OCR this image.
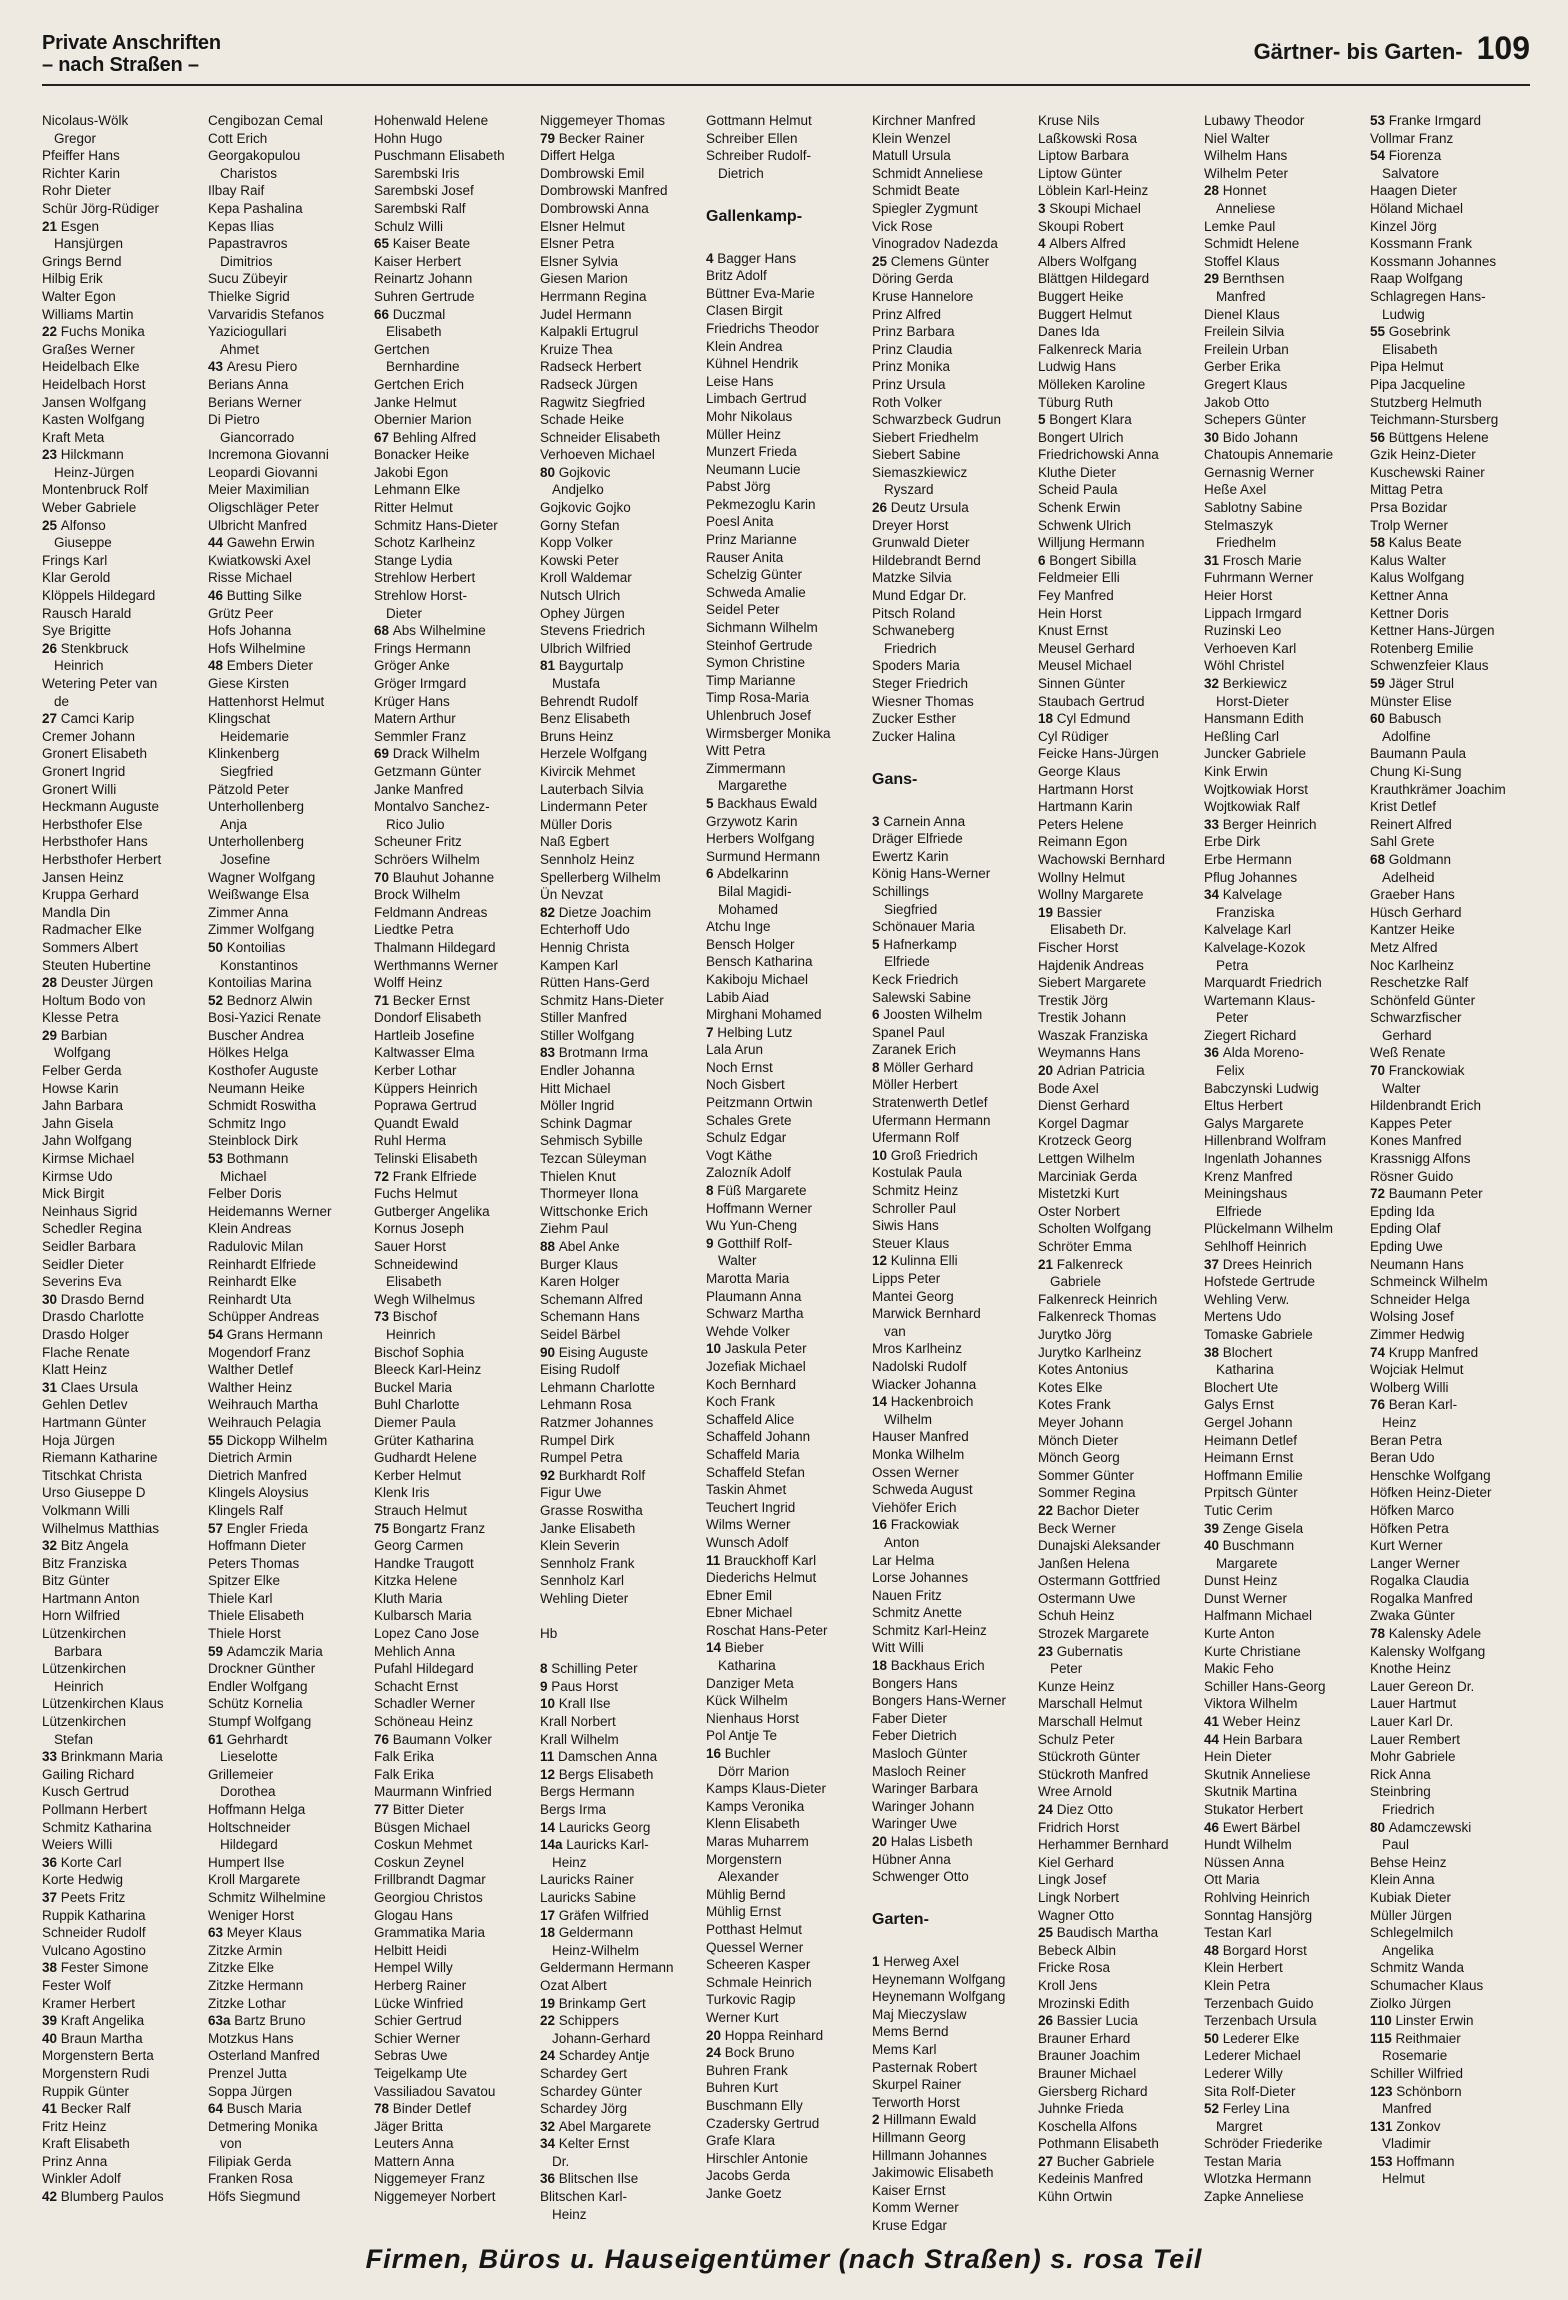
Private Anschriften
– nach Straßen –
Gärtner- bis Garten- 109
Nicolaus-Wölk
Gregor
Pfeiffer Hans
Richter Karin
Rohr Dieter
Schür Jörg-Rüdiger
21 Esgen
Hansjürgen
Grings Bernd
Hilbig Erik
Walter Egon
Williams Martin
22 Fuchs Monika
Graßes Werner
Heidelbach Elke
Heidelbach Horst
Jansen Wolfgang
Kasten Wolfgang
Kraft Meta
23 Hilckmann
Heinz-Jürgen
Montenbruck Rolf
Weber Gabriele
25 Alfonso
Giuseppe
Frings Karl
Klar Gerold
Klöppels Hildegard
Rausch Harald
Sye Brigitte
26 Stenkbruck
Heinrich
Wetering Peter van
de
27 Camci Karip
Cremer Johann
Gronert Elisabeth
Gronert Ingrid
Gronert Willi
Heckmann Auguste
Herbsthofer Else
Herbsthofer Hans
Herbsthofer Herbert
Jansen Heinz
Kruppa Gerhard
Mandla Din
Radmacher Elke
Sommers Albert
Steuten Hubertine
28 Deuster Jürgen
Holtum Bodo von
Klesse Petra
29 Barbian
Wolfgang
Felber Gerda
Howse Karin
Jahn Barbara
Jahn Gisela
Jahn Wolfgang
Kirmse Michael
Kirmse Udo
Mick Birgit
Neinhaus Sigrid
Schedler Regina
Seidler Barbara
Seidler Dieter
Severins Eva
30 Drasdo Bernd
Drasdo Charlotte
Drasdo Holger
Flache Renate
Klatt Heinz
31 Claes Ursula
Gehlen Detlev
Hartmann Günter
Hoja Jürgen
Riemann Katharine
Titschkat Christa
Urso Giuseppe D
Volkmann Willi
Wilhelmus Matthias
32 Bitz Angela
Bitz Franziska
Bitz Günter
Hartmann Anton
Horn Wilfried
Lützenkirchen
Barbara
Lützenkirchen
Heinrich
Lützenkirchen Klaus
Lützenkirchen
Stefan
33 Brinkmann Maria
Gailing Richard
Kusch Gertrud
Pollmann Herbert
Schmitz Katharina
Weiers Willi
36 Korte Carl
Korte Hedwig
37 Peets Fritz
Ruppik Katharina
Schneider Rudolf
Vulcano Agostino
38 Fester Simone
Fester Wolf
Kramer Herbert
39 Kraft Angelika
40 Braun Martha
Morgenstern Berta
Morgenstern Rudi
Ruppik Günter
41 Becker Ralf
Fritz Heinz
Kraft Elisabeth
Prinz Anna
Winkler Adolf
42 Blumberg Paulos
Cengibozan Cemal
Cott Erich
Georgakopulou
Charistos
Ilbay Raif
Kepa Pashalina
Kepas Ilias
Papastravros
Dimitrios
Sucu Zübeyir
Thielke Sigrid
Varvaridis Stefanos
Yaziciogullari
Ahmet
43 Aresu Piero
Berians Anna
Berians Werner
Di Pietro
Giancorrado
Incremona Giovanni
Leopardi Giovanni
Meier Maximilian
Oligschläger Peter
Ulbricht Manfred
44 Gawehn Erwin
Kwiatkowski Axel
Risse Michael
46 Butting Silke
Grütz Peer
Hofs Johanna
Hofs Wilhelmine
48 Embers Dieter
Giese Kirsten
Hattenhorst Helmut
Klingschat
Heidemarie
Klinkenberg
Siegfried
Pätzold Peter
Unterhollenberg
Anja
Unterhollenberg
Josefine
Wagner Wolfgang
Weißwange Elsa
Zimmer Anna
Zimmer Wolfgang
50 Kontoilias
Konstantinos
Kontoilias Marina
52 Bednorz Alwin
Bosi-Yazici Renate
Buscher Andrea
Hölkes Helga
Kosthofer Auguste
Neumann Heike
Schmidt Roswitha
Schmitz Ingo
Steinblock Dirk
53 Bothmann
Michael
Felber Doris
Heidemanns Werner
Klein Andreas
Radulovic Milan
Reinhardt Elfriede
Reinhardt Elke
Reinhardt Uta
Schüpper Andreas
54 Grans Hermann
Mogendorf Franz
Walther Detlef
Walther Heinz
Weihrauch Martha
Weihrauch Pelagia
55 Dickopp Wilhelm
Dietrich Armin
Dietrich Manfred
Klingels Aloysius
Klingels Ralf
57 Engler Frieda
Hoffmann Dieter
Peters Thomas
Spitzer Elke
Thiele Karl
Thiele Elisabeth
Thiele Horst
59 Adamczik Maria
Drockner Günther
Endler Wolfgang
Schütz Kornelia
Stumpf Wolfgang
61 Gehrhardt
Lieselotte
Grillemeier
Dorothea
Hoffmann Helga
Holtschneider
Hildegard
Humpert Ilse
Kroll Margarete
Schmitz Wilhelmine
Weniger Horst
63 Meyer Klaus
Zitzke Armin
Zitzke Elke
Zitzke Hermann
Zitzke Lothar
63a Bartz Bruno
Motzkus Hans
Osterland Manfred
Prenzel Jutta
Soppa Jürgen
64 Busch Maria
Detmering Monika
von
Filipiak Gerda
Franken Rosa
Höfs Siegmund
Hohenwald Helene
Hohn Hugo
Puschmann Elisabeth
Sarembski Iris
Sarembski Josef
Sarembski Ralf
Schulz Willi
65 Kaiser Beate
Kaiser Herbert
Reinartz Johann
Suhren Gertrude
66 Duczmal
Elisabeth
Gertchen
Bernhardine
Gertchen Erich
Janke Helmut
Obernier Marion
67 Behling Alfred
Bonacker Heike
Jakobi Egon
Lehmann Elke
Ritter Helmut
Schmitz Hans-Dieter
Schotz Karlheinz
Stange Lydia
Strehlow Herbert
Strehlow Horst-
Dieter
68 Abs Wilhelmine
Frings Hermann
Gröger Anke
Gröger Irmgard
Krüger Hans
Matern Arthur
Semmler Franz
69 Drack Wilhelm
Getzmann Günter
Janke Manfred
Montalvo Sanchez-
Rico Julio
Scheuner Fritz
Schröers Wilhelm
70 Blauhut Johanne
Brock Wilhelm
Feldmann Andreas
Liedtke Petra
Thalmann Hildegard
Werthmanns Werner
Wolff Heinz
71 Becker Ernst
Dondorf Elisabeth
Hartleib Josefine
Kaltwasser Elma
Kerber Lothar
Küppers Heinrich
Poprawa Gertrud
Quandt Ewald
Ruhl Herma
Telinski Elisabeth
72 Frank Elfriede
Fuchs Helmut
Gutberger Angelika
Kornus Joseph
Sauer Horst
Schneidewind
Elisabeth
Wegh Wilhelmus
73 Bischof
Heinrich
Bischof Sophia
Bleeck Karl-Heinz
Buckel Maria
Buhl Charlotte
Diemer Paula
Grüter Katharina
Gudhardt Helene
Kerber Helmut
Klenk Iris
Strauch Helmut
75 Bongartz Franz
Georg Carmen
Handke Traugott
Kitzka Helene
Kluth Maria
Kulbarsch Maria
Lopez Cano Jose
Mehlich Anna
Pufahl Hildegard
Schacht Ernst
Schadler Werner
Schöneau Heinz
76 Baumann Volker
Falk Erika
Falk Erika
Maurmann Winfried
77 Bitter Dieter
Büsgen Michael
Coskun Mehmet
Coskun Zeynel
Frillbrandt Dagmar
Georgiou Christos
Glogau Hans
Grammatika Maria
Helbitt Heidi
Hempel Willy
Herberg Rainer
Lücke Winfried
Schier Gertrud
Schier Werner
Sebras Uwe
Teigelkamp Ute
Vassiliadou Savatou
78 Binder Detlef
Jäger Britta
Leuters Anna
Mattern Anna
Niggemeyer Franz
Niggemeyer Norbert
Niggemeyer Thomas
79 Becker Rainer
Differt Helga
Dombrowski Emil
Dombrowski Manfred
Dombrowski Anna
Elsner Helmut
Elsner Petra
Elsner Sylvia
Giesen Marion
Herrmann Regina
Judel Hermann
Kalpakli Ertugrul
Kruize Thea
Radseck Herbert
Radseck Jürgen
Ragwitz Siegfried
Schade Heike
Schneider Elisabeth
Verhoeven Michael
80 Gojkovic
Andjelko
Gojkovic Gojko
Gorny Stefan
Kopp Volker
Kowski Peter
Kroll Waldemar
Nutsch Ulrich
Ophey Jürgen
Stevens Friedrich
Ulbrich Wilfried
81 Baygurtalp
Mustafa
Behrendt Rudolf
Benz Elisabeth
Bruns Heinz
Herzele Wolfgang
Kivircik Mehmet
Lauterbach Silvia
Lindermann Peter
Müller Doris
Naß Egbert
Sennholz Heinz
Spellerberg Wilhelm
Ün Nevzat
82 Dietze Joachim
Echterhoff Udo
Hennig Christa
Kampen Karl
Rütten Hans-Gerd
Schmitz Hans-Dieter
Stiller Manfred
Stiller Wolfgang
83 Brotmann Irma
Endler Johanna
Hitt Michael
Möller Ingrid
Schink Dagmar
Sehmisch Sybille
Tezcan Süleyman
Thielen Knut
Thormeyer Ilona
Wittschonke Erich
Ziehm Paul
88 Abel Anke
Burger Klaus
Karen Holger
Schemann Alfred
Schemann Hans
Seidel Bärbel
90 Eising Auguste
Eising Rudolf
Lehmann Charlotte
Lehmann Rosa
Ratzmer Johannes
Rumpel Dirk
Rumpel Petra
92 Burkhardt Rolf
Figur Uwe
Grasse Roswitha
Janke Elisabeth
Klein Severin
Sennholz Frank
Sennholz Karl
Wehling Dieter
Hb
8 Schilling Peter
9 Paus Horst
10 Krall Ilse
Krall Norbert
Krall Wilhelm
11 Damschen Anna
12 Bergs Elisabeth
Bergs Hermann
Bergs Irma
14 Lauricks Georg
14a Lauricks Karl-
Heinz
Lauricks Rainer
Lauricks Sabine
17 Gräfen Wilfried
18 Geldermann
Heinz-Wilhelm
Geldermann Hermann
Ozat Albert
19 Brinkamp Gert
22 Schippers
Johann-Gerhard
24 Schardey Antje
Schardey Gert
Schardey Günter
Schardey Jörg
32 Abel Margarete
34 Kelter Ernst
Dr.
36 Blitschen Ilse
Blitschen Karl-
Heinz
Gottmann Helmut
Schreiber Ellen
Schreiber Rudolf-
Dietrich
Gallenkamp-
4 Bagger Hans
Britz Adolf
Büttner Eva-Marie
Clasen Birgit
Friedrichs Theodor
Klein Andrea
Kühnel Hendrik
Leise Hans
Limbach Gertrud
Mohr Nikolaus
Müller Heinz
Munzert Frieda
Neumann Lucie
Pabst Jörg
Pekmezoglu Karin
Poesl Anita
Prinz Marianne
Rauser Anita
Schelzig Günter
Schweda Amalie
Seidel Peter
Sichmann Wilhelm
Steinhof Gertrude
Symon Christine
Timp Marianne
Timp Rosa-Maria
Uhlenbruch Josef
Wirmsberger Monika
Witt Petra
Zimmermann
Margarethe
5 Backhaus Ewald
Grzywotz Karin
Herbers Wolfgang
Surmund Hermann
6 Abdelkarinn
Bilal Magidi-
Mohamed
Atchu Inge
Bensch Holger
Bensch Katharina
Kakiboju Michael
Labib Aiad
Mirghani Mohamed
7 Helbing Lutz
Lala Arun
Noch Ernst
Noch Gisbert
Peitzmann Ortwin
Schales Grete
Schulz Edgar
Vogt Käthe
Zalozník Adolf
8 Füß Margarete
Hoffmann Werner
Wu Yun-Cheng
9 Gotthilf Rolf-
Walter
Marotta Maria
Plaumann Anna
Schwarz Martha
Wehde Volker
10 Jaskula Peter
Jozefiak Michael
Koch Bernhard
Koch Frank
Schaffeld Alice
Schaffeld Johann
Schaffeld Maria
Schaffeld Stefan
Taskin Ahmet
Teuchert Ingrid
Wilms Werner
Wunsch Adolf
11 Brauckhoff Karl
Diederichs Helmut
Ebner Emil
Ebner Michael
Roschat Hans-Peter
14 Bieber
Katharina
Danziger Meta
Kück Wilhelm
Nienhaus Horst
Pol Antje Te
16 Buchler
Dörr Marion
Kamps Klaus-Dieter
Kamps Veronika
Klenn Elisabeth
Maras Muharrem
Morgenstern
Alexander
Mühlig Bernd
Mühlig Ernst
Potthast Helmut
Quessel Werner
Scheeren Kasper
Schmale Heinrich
Turkovic Ragip
Werner Kurt
20 Hoppa Reinhard
24 Bock Bruno
Buhren Frank
Buhren Kurt
Buschmann Elly
Czadersky Gertrud
Grafe Klara
Hirschler Antonie
Jacobs Gerda
Janke Goetz
Kirchner Manfred
Klein Wenzel
Matull Ursula
Schmidt Anneliese
Schmidt Beate
Spiegler Zygmunt
Vick Rose
Vinogradov Nadezda
25 Clemens Günter
Döring Gerda
Kruse Hannelore
Prinz Alfred
Prinz Barbara
Prinz Claudia
Prinz Monika
Prinz Ursula
Roth Volker
Schwarzbeck Gudrun
Siebert Friedhelm
Siebert Sabine
Siemaszkiewicz
Ryszard
26 Deutz Ursula
Dreyer Horst
Grunwald Dieter
Hildebrandt Bernd
Matzke Silvia
Mund Edgar Dr.
Pitsch Roland
Schwaneberg
Friedrich
Spoders Maria
Steger Friedrich
Wiesner Thomas
Zucker Esther
Zucker Halina
Gans-
3 Carnein Anna
Dräger Elfriede
Ewertz Karin
König Hans-Werner
Schillings
Siegfried
Schönauer Maria
5 Hafnerkamp
Elfriede
Keck Friedrich
Salewski Sabine
6 Joosten Wilhelm
Spanel Paul
Zaranek Erich
8 Möller Gerhard
Möller Herbert
Stratenwerth Detlef
Ufermann Hermann
Ufermann Rolf
10 Groß Friedrich
Kostulak Paula
Schmitz Heinz
Schroller Paul
Siwis Hans
Steuer Klaus
12 Kulinna Elli
Lipps Peter
Mantei Georg
Marwick Bernhard
van
Mros Karlheinz
Nadolski Rudolf
Wiacker Johanna
14 Hackenbroich
Wilhelm
Hauser Manfred
Monka Wilhelm
Ossen Werner
Schweda August
Viehöfer Erich
16 Frackowiak
Anton
Lar Helma
Lorse Johannes
Nauen Fritz
Schmitz Anette
Schmitz Karl-Heinz
Witt Willi
18 Backhaus Erich
Bongers Hans
Bongers Hans-Werner
Faber Dieter
Feber Dietrich
Masloch Günter
Masloch Reiner
Waringer Barbara
Waringer Johann
Waringer Uwe
20 Halas Lisbeth
Hübner Anna
Schwenger Otto
Garten-
1 Herweg Axel
Heynemann Wolfgang
Heynemann Wolfgang
Maj Mieczyslaw
Mems Bernd
Mems Karl
Pasternak Robert
Skurpel Rainer
Terworth Horst
2 Hillmann Ewald
Hillmann Georg
Hillmann Johannes
Jakimowic Elisabeth
Kaiser Ernst
Komm Werner
Kruse Edgar
Kruse Nils
Laßkowski Rosa
Liptow Barbara
Liptow Günter
Löblein Karl-Heinz
3 Skoupi Michael
Skoupi Robert
4 Albers Alfred
Albers Wolfgang
Blättgen Hildegard
Buggert Heike
Buggert Helmut
Danes Ida
Falkenreck Maria
Ludwig Hans
Mölleken Karoline
Tüburg Ruth
5 Bongert Klara
Bongert Ulrich
Friedrichowski Anna
Kluthe Dieter
Scheid Paula
Schenk Erwin
Schwenk Ulrich
Willjung Hermann
6 Bongert Sibilla
Feldmeier Elli
Fey Manfred
Hein Horst
Knust Ernst
Meusel Gerhard
Meusel Michael
Sinnen Günter
Staubach Gertrud
18 Cyl Edmund
Cyl Rüdiger
Feicke Hans-Jürgen
George Klaus
Hartmann Horst
Hartmann Karin
Peters Helene
Reimann Egon
Wachowski Bernhard
Wollny Helmut
Wollny Margarete
19 Bassier
Elisabeth Dr.
Fischer Horst
Hajdenik Andreas
Siebert Margarete
Trestik Jörg
Trestik Johann
Waszak Franziska
Weymanns Hans
20 Adrian Patricia
Bode Axel
Dienst Gerhard
Korgel Dagmar
Krotzeck Georg
Lettgen Wilhelm
Marciniak Gerda
Mistetzki Kurt
Oster Norbert
Scholten Wolfgang
Schröter Emma
21 Falkenreck
Gabriele
Falkenreck Heinrich
Falkenreck Thomas
Jurytko Jörg
Jurytko Karlheinz
Kotes Antonius
Kotes Elke
Kotes Frank
Meyer Johann
Mönch Dieter
Mönch Georg
Sommer Günter
Sommer Regina
22 Bachor Dieter
Beck Werner
Dunajski Aleksander
Janßen Helena
Ostermann Gottfried
Ostermann Uwe
Schuh Heinz
Strozek Margarete
23 Gubernatis
Peter
Kunze Heinz
Marschall Helmut
Marschall Helmut
Schulz Peter
Stückroth Günter
Stückroth Manfred
Wree Arnold
24 Diez Otto
Fridrich Horst
Herhammer Bernhard
Kiel Gerhard
Lingk Josef
Lingk Norbert
Wagner Otto
25 Baudisch Martha
Bebeck Albin
Fricke Rosa
Kroll Jens
Mrozinski Edith
26 Bassier Lucia
Brauner Erhard
Brauner Joachim
Brauner Michael
Giersberg Richard
Juhnke Frieda
Koschella Alfons
Pothmann Elisabeth
27 Bucher Gabriele
Kedeinis Manfred
Kühn Ortwin
Lubawy Theodor
Niel Walter
Wilhelm Hans
Wilhelm Peter
28 Honnet
Anneliese
Lemke Paul
Schmidt Helene
Stoffel Klaus
29 Bernthsen
Manfred
Dienel Klaus
Freilein Silvia
Freilein Urban
Gerber Erika
Gregert Klaus
Jakob Otto
Schepers Günter
30 Bido Johann
Chatoupis Annemarie
Gernasnig Werner
Heße Axel
Sablotny Sabine
Stelmaszyk
Friedhelm
31 Frosch Marie
Fuhrmann Werner
Heier Horst
Lippach Irmgard
Ruzinski Leo
Verhoeven Karl
Wöhl Christel
32 Berkiewicz
Horst-Dieter
Hansmann Edith
Heßling Carl
Juncker Gabriele
Kink Erwin
Wojtkowiak Horst
Wojtkowiak Ralf
33 Berger Heinrich
Erbe Dirk
Erbe Hermann
Pflug Johannes
34 Kalvelage
Franziska
Kalvelage Karl
Kalvelage-Kozok
Petra
Marquardt Friedrich
Wartemann Klaus-
Peter
Ziegert Richard
36 Alda Moreno-
Felix
Babczynski Ludwig
Eltus Herbert
Galys Margarete
Hillenbrand Wolfram
Ingenlath Johannes
Krenz Manfred
Meiningshaus
Elfriede
Plückelmann Wilhelm
Sehlhoff Heinrich
37 Drees Heinrich
Hofstede Gertrude
Wehling Verw.
Mertens Udo
Tomaske Gabriele
38 Blochert
Katharina
Blochert Ute
Galys Ernst
Gergel Johann
Heimann Detlef
Heimann Ernst
Hoffmann Emilie
Prpitsch Günter
Tutic Cerim
39 Zenge Gisela
40 Buschmann
Margarete
Dunst Heinz
Dunst Werner
Halfmann Michael
Kurte Anton
Kurte Christiane
Makic Feho
Schiller Hans-Georg
Viktora Wilhelm
41 Weber Heinz
44 Hein Barbara
Hein Dieter
Skutnik Anneliese
Skutnik Martina
Stukator Herbert
46 Ewert Bärbel
Hundt Wilhelm
Nüssen Anna
Ott Maria
Rohlving Heinrich
Sonntag Hansjörg
Testan Karl
48 Borgard Horst
Klein Herbert
Klein Petra
Terzenbach Guido
Terzenbach Ursula
50 Lederer Elke
Lederer Michael
Lederer Willy
Sita Rolf-Dieter
52 Ferley Lina
Margret
Schröder Friederike
Testan Maria
Wlotzka Hermann
Zapke Anneliese
53 Franke Irmgard
Vollmar Franz
54 Fiorenza
Salvatore
Haagen Dieter
Höland Michael
Kinzel Jörg
Kossmann Frank
Kossmann Johannes
Raap Wolfgang
Schlagregen Hans-
Ludwig
55 Gosebrink
Elisabeth
Pipa Helmut
Pipa Jacqueline
Stutzberg Helmuth
Teichmann-Stursberg
56 Büttgens Helene
Gzik Heinz-Dieter
Kuschewski Rainer
Mittag Petra
Prsa Bozidar
Trolp Werner
58 Kalus Beate
Kalus Walter
Kalus Wolfgang
Kettner Anna
Kettner Doris
Kettner Hans-Jürgen
Rotenberg Emilie
Schwenzfeier Klaus
59 Jäger Strul
Münster Elise
60 Babusch
Adolfine
Baumann Paula
Chung Ki-Sung
Krauthkrämer Joachim
Krist Detlef
Reinert Alfred
Sahl Grete
68 Goldmann
Adelheid
Graeber Hans
Hüsch Gerhard
Kantzer Heike
Metz Alfred
Noc Karlheinz
Reschetzke Ralf
Schönfeld Günter
Schwarzfischer
Gerhard
Weß Renate
70 Franckowiak
Walter
Hildenbrandt Erich
Kappes Peter
Kones Manfred
Krassnigg Alfons
Rösner Guido
72 Baumann Peter
Epding Ida
Epding Olaf
Epding Uwe
Neumann Hans
Schmeinck Wilhelm
Schneider Helga
Wolsing Josef
Zimmer Hedwig
74 Krupp Manfred
Wojciak Helmut
Wolberg Willi
76 Beran Karl-
Heinz
Beran Petra
Beran Udo
Henschke Wolfgang
Höfken Heinz-Dieter
Höfken Marco
Höfken Petra
Kurt Werner
Langer Werner
Rogalka Claudia
Rogalka Manfred
Zwaka Günter
78 Kalensky Adele
Kalensky Wolfgang
Knothe Heinz
Lauer Gereon Dr.
Lauer Hartmut
Lauer Karl Dr.
Lauer Rembert
Mohr Gabriele
Rick Anna
Steinbring
Friedrich
80 Adamczewski
Paul
Behse Heinz
Klein Anna
Kubiak Dieter
Müller Jürgen
Schlegelmilch
Angelika
Schmitz Wanda
Schumacher Klaus
Ziolko Jürgen
110 Linster Erwin
115 Reithmaier
Rosemarie
Schiller Wilfried
123 Schönborn
Manfred
131 Zonkov
Vladimir
153 Hoffmann
Helmut
Firmen, Büros u. Hauseigentümer (nach Straßen) s. rosa Teil
